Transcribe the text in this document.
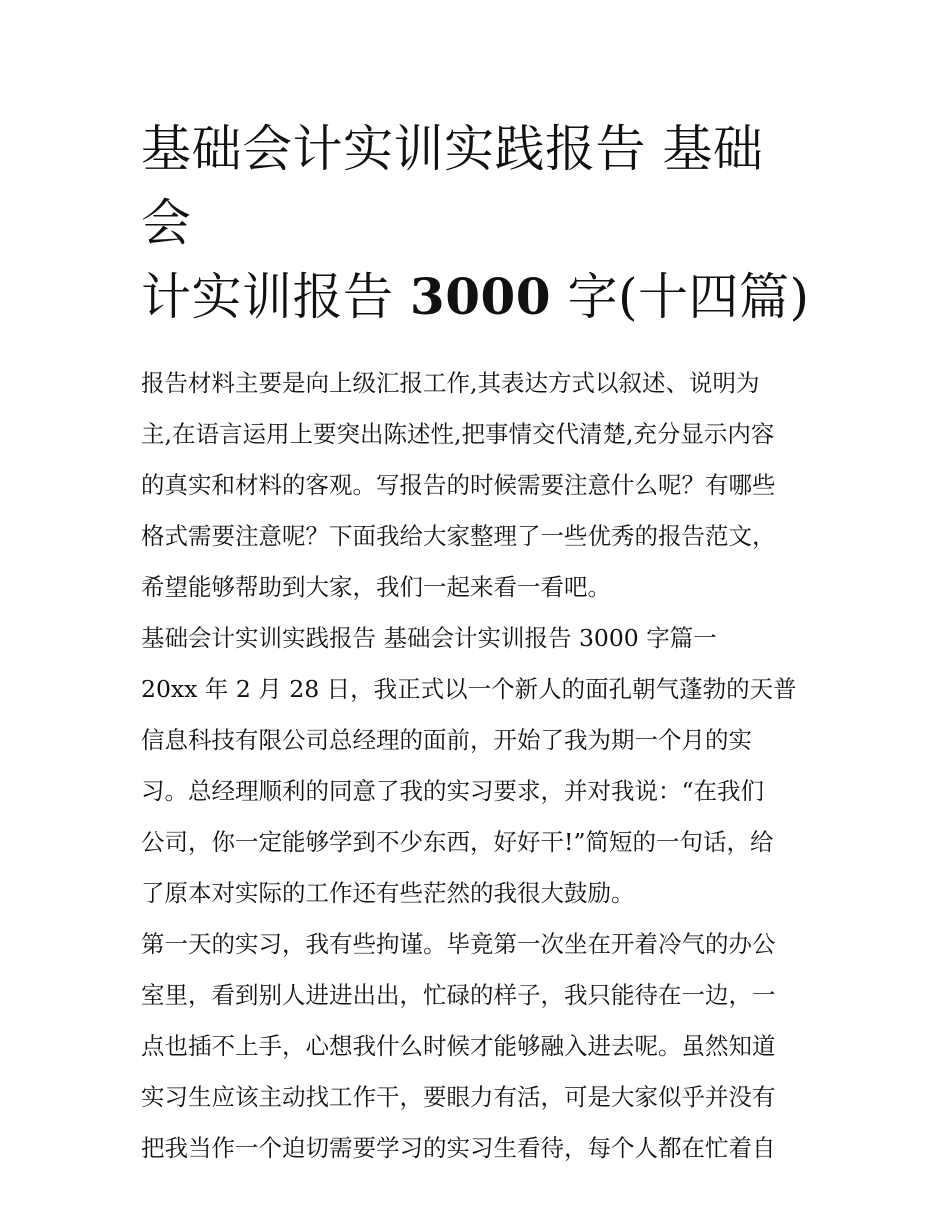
基础会计实训实践报告 基础会
计实训报告 3000 字(十四篇)

报告材料主要是向上级汇报工作,其表达方式以叙述、说明为
主,在语言运用上要突出陈述性,把事情交代清楚,充分显示内容
的真实和材料的客观。写报告的时候需要注意什么呢？有哪些
格式需要注意呢？下面我给大家整理了一些优秀的报告范文，
希望能够帮助到大家，我们一起来看一看吧。

基础会计实训实践报告 基础会计实训报告 3000 字篇一

20xx 年 2 月 28 日，我正式以一个新人的面孔朝气蓬勃的天普
信息科技有限公司总经理的面前，开始了我为期一个月的实
习。总经理顺利的同意了我的实习要求，并对我说：“在我们
公司，你一定能够学到不少东西，好好干!”简短的一句话，给
了原本对实际的工作还有些茫然的我很大鼓励。

第一天的实习，我有些拘谨。毕竟第一次坐在开着冷气的办公
室里，看到别人进进出出，忙碌的样子，我只能待在一边，一
点也插不上手，心想我什么时候才能够融入进去呢。虽然知道
实习生应该主动找工作干，要眼力有活，可是大家似乎并没有
把我当作一个迫切需要学习的实习生看待，每个人都在忙着自
